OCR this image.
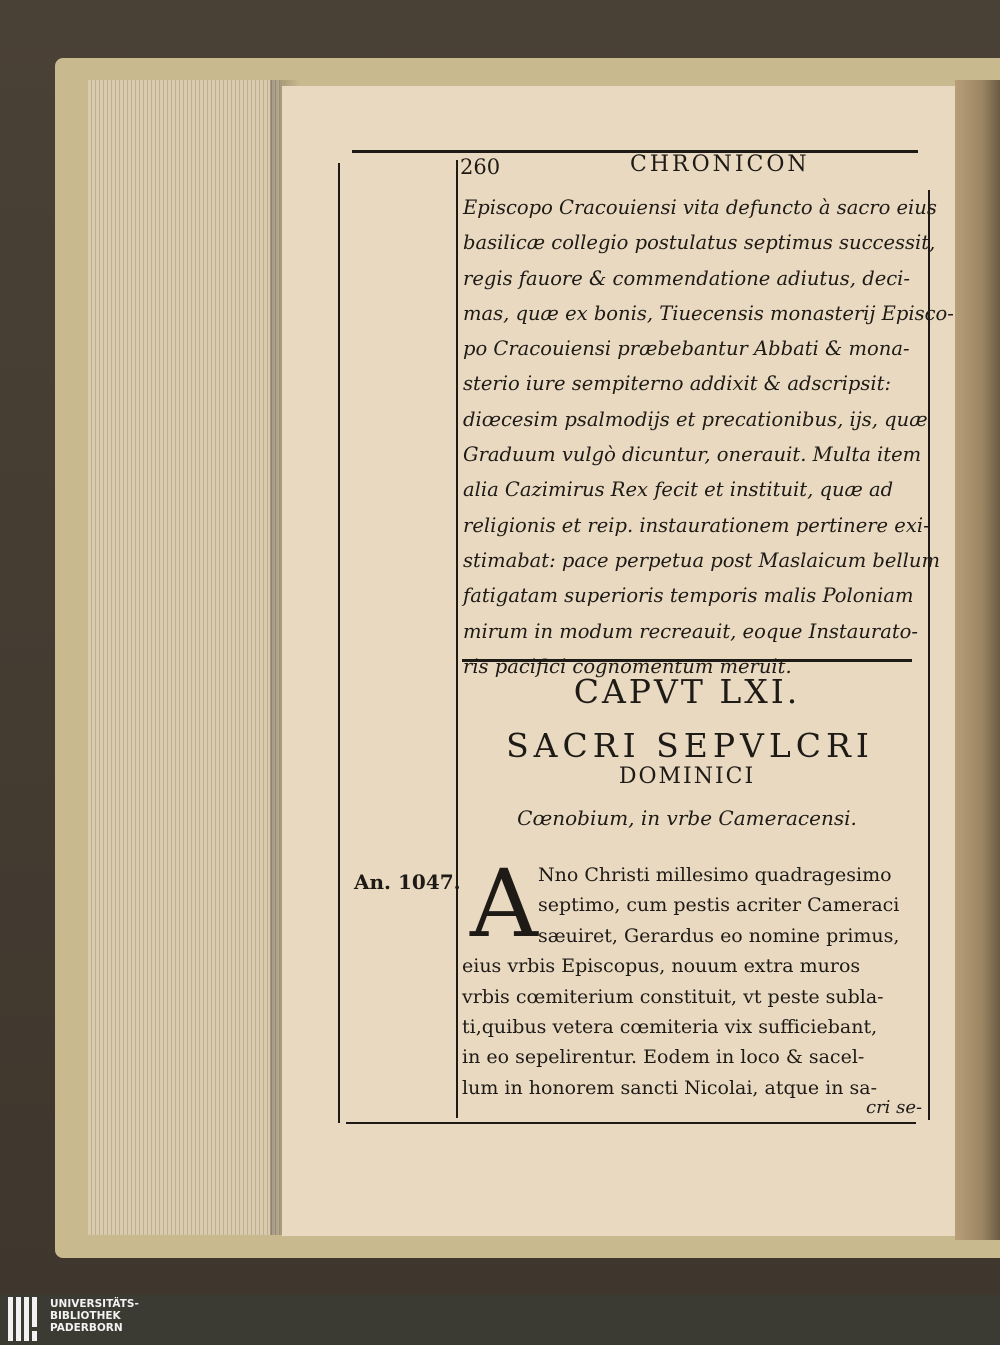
260	CHRONICON
Episcopo Cracouiensi vita defuncto à sacro eius
basilicæ collegio postulatus septimus successit,
regis fauore & commendatione adiutus, deci-
mas, quæ ex bonis, Tiuecensis monasterij Episco-
po Cracouiensi præbebantur Abbati & mona-
sterio iure sempiterno addixit & adscripsit:
diœcesim psalmodijs et precationibus, ijs, quæ
Graduum vulgò dicuntur, onerauit. Multa item
alia Cazimirus Rex fecit et instituit, quæ ad
religionis et reip. instaurationem pertinere exi-
stimabat: pace perpetua post Maslaicum bellum
fatigatam superioris temporis malis Poloniam
mirum in modum recreauit, eoque Instaurato-
ris pacifici cognomentum meruit.
CAPVT LXI.
SACRI SEPVLCRI
DOMINICI
Cœnobium, in vrbe Cameracensi.
An. 1047. A Nno Christi millesimo quadragesimo
septimo, cum pestis acriter Cameraci
sæuiret, Gerardus eo nomine primus,
eius vrbis Episcopus, nouum extra muros
vrbis cœmiterium constituit, vt peste subla-
ti,quibus vetera cœmiteria vix sufficiebant,
in eo sepelirentur. Eodem in loco & sacel-
lum in honorem sancti Nicolai, atque in sa-
cri se-
UNIVERSITÄTS-
BIBLIOTHEK
PADERBORN
